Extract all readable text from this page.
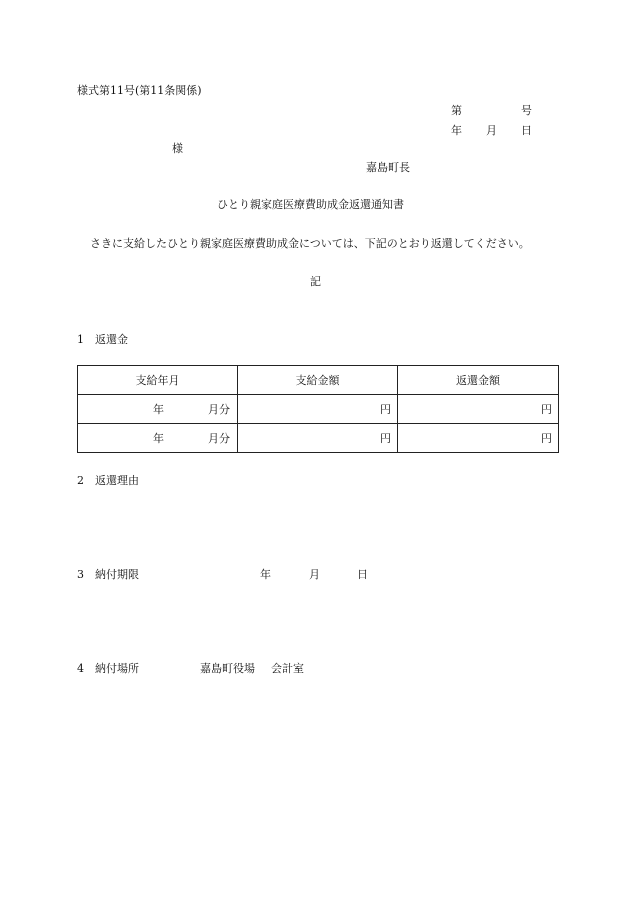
様式第11号(第11条関係)
第	号
年 月 日
様
嘉島町長
ひとり親家庭医療費助成金返還通知書
さきに支給したひとり親家庭医療費助成金については、下記のとおり返還してください。
記
1 返還金
支給年月	支給金額	返還金額
年 月分	円	円
年 月分	円	円
2 返還理由
3 納付期限	年	月	日
4 納付場所	嘉島町役場 会計室
